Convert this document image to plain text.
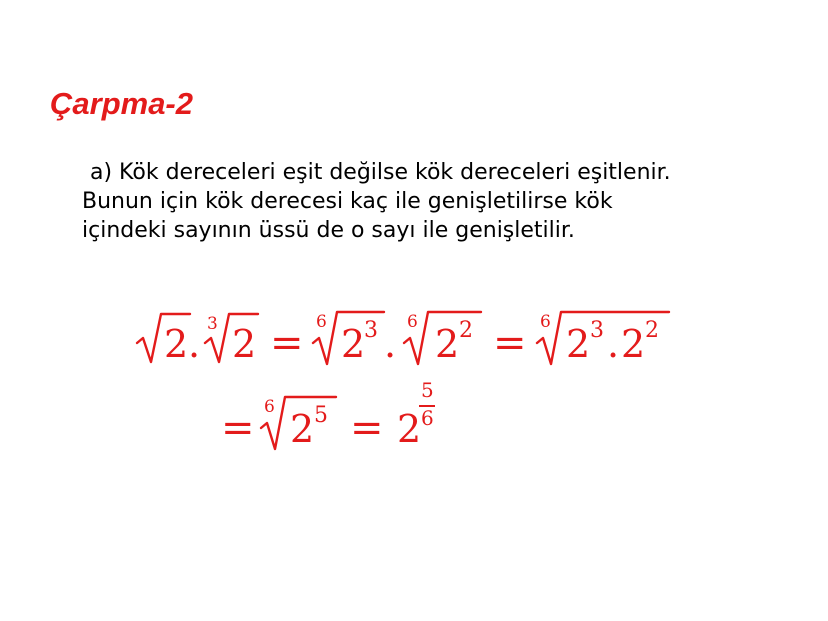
Çarpma-2
a) Kök dereceleri eşit değilse kök dereceleri eşitlenir.
Bunun için kök derecesi kaç ile genişletilirse kök
içindeki sayının üssü de o sayı ile genişletilir.
2 . 3 2 = 6 2
3 . 6 2 2 = 6 2 3 . 2 2
= 6 2 5 = 2
5
6
